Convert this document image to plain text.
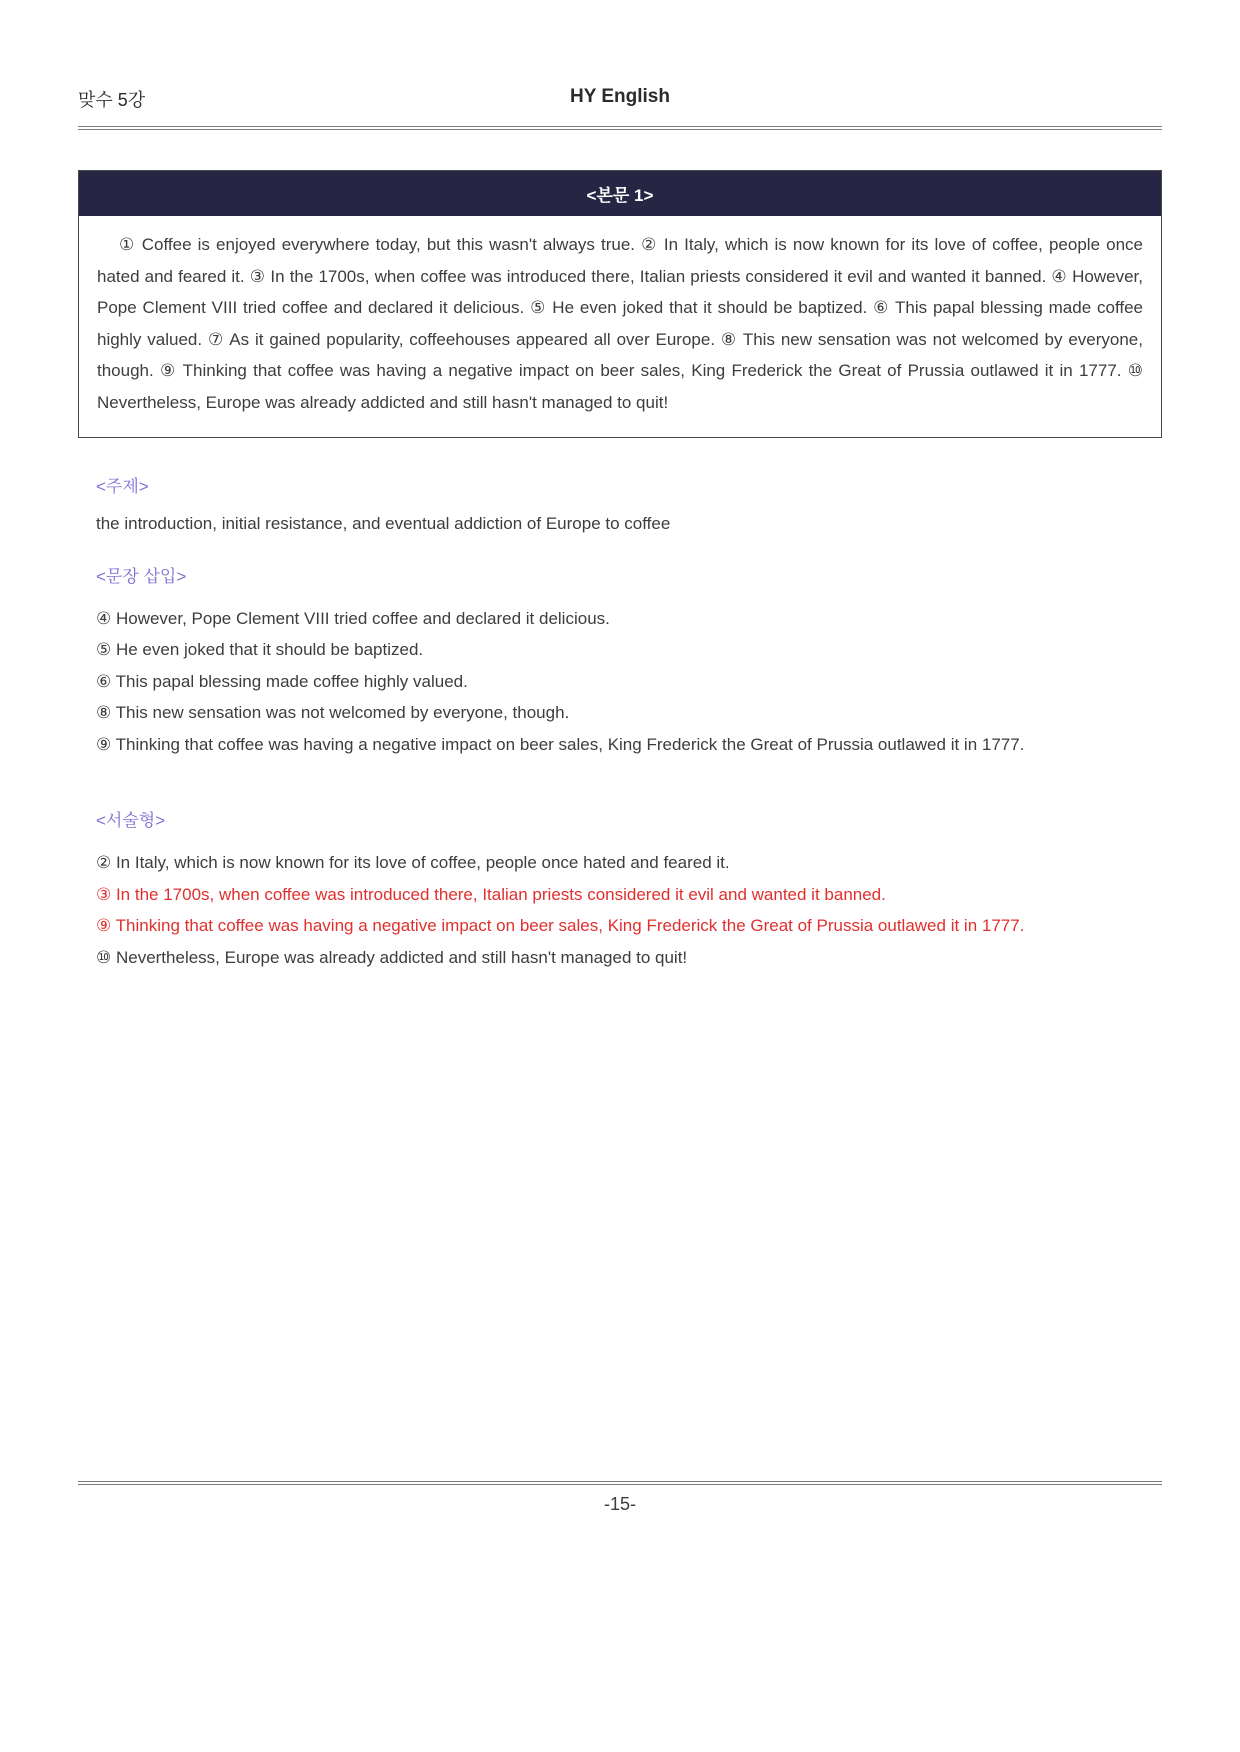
맞수 5강	HY English
<본문 1>

① Coffee is enjoyed everywhere today, but this wasn't always true. ② In Italy, which is now known for its love of coffee, people once hated and feared it. ③ In the 1700s, when coffee was introduced there, Italian priests considered it evil and wanted it banned. ④ However, Pope Clement VIII tried coffee and declared it delicious. ⑤ He even joked that it should be baptized. ⑥ This papal blessing made coffee highly valued. ⑦ As it gained popularity, coffeehouses appeared all over Europe. ⑧ This new sensation was not welcomed by everyone, though. ⑨ Thinking that coffee was having a negative impact on beer sales, King Frederick the Great of Prussia outlawed it in 1777. ⑩ Nevertheless, Europe was already addicted and still hasn't managed to quit!

<주제>

the introduction, initial resistance, and eventual addiction of Europe to coffee

<문장 삽입>

④ However, Pope Clement VIII tried coffee and declared it delicious.

⑤ He even joked that it should be baptized.

⑥ This papal blessing made coffee highly valued.

⑧ This new sensation was not welcomed by everyone, though.

⑨ Thinking that coffee was having a negative impact on beer sales, King Frederick the Great of Prussia outlawed it in 1777.

<서술형>

② In Italy, which is now known for its love of coffee, people once hated and feared it.

③ In the 1700s, when coffee was introduced there, Italian priests considered it evil and wanted it banned.

⑨ Thinking that coffee was having a negative impact on beer sales, King Frederick the Great of Prussia outlawed it in 1777.

⑩ Nevertheless, Europe was already addicted and still hasn't managed to quit!

-15-
